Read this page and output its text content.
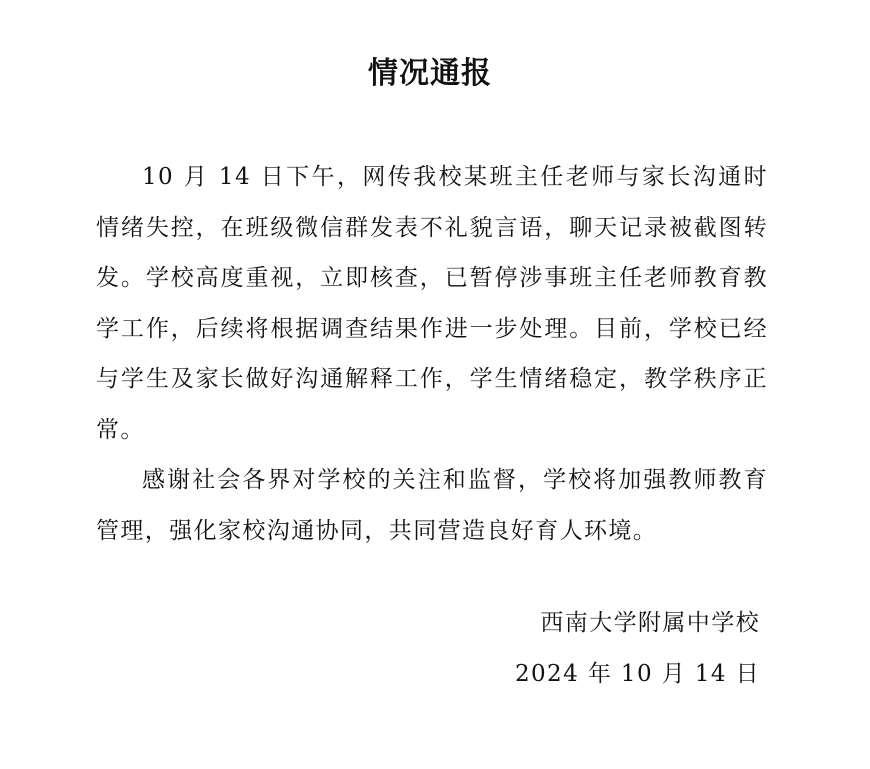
情况通报

10 月 14 日下午，网传我校某班主任老师与家长沟通时情绪失控，在班级微信群发表不礼貌言语，聊天记录被截图转发。学校高度重视，立即核查，已暂停涉事班主任老师教育教学工作，后续将根据调查结果作进一步处理。目前，学校已经与学生及家长做好沟通解释工作，学生情绪稳定，教学秩序正常。

感谢社会各界对学校的关注和监督，学校将加强教师教育管理，强化家校沟通协同，共同营造良好育人环境。

西南大学附属中学校
2024 年 10 月 14 日
